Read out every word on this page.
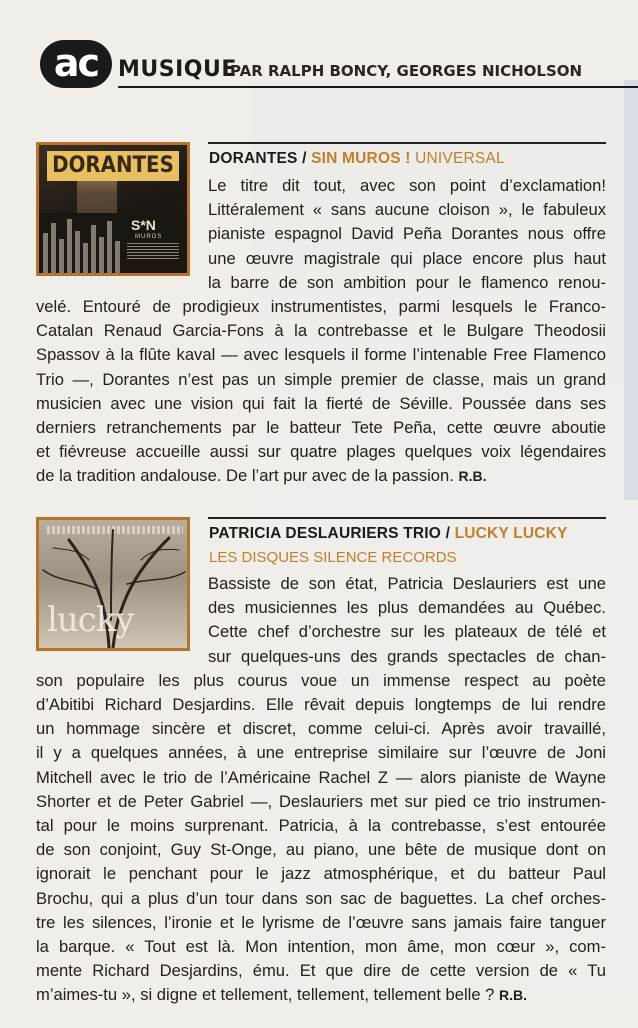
ac MUSIQUE
PAR RALPH BONCY, GEORGES NICHOLSON
DORANTES
S*N
MUROS
DORANTES / SIN MUROS ! UNIVERSAL
Le titre dit tout, avec son point d’exclamation!
Littéralement « sans aucune cloison », le fabuleux
pianiste espagnol David Peña Dorantes nous offre
une œuvre magistrale qui place encore plus haut
la barre de son ambition pour le flamenco renou-
velé. Entouré de prodigieux instrumentistes, parmi lesquels le Franco-
Catalan Renaud Garcia-Fons à la contrebasse et le Bulgare Theodosii
Spassov à la flûte kaval — avec lesquels il forme l’intenable Free Flamenco
Trio —, Dorantes n’est pas un simple premier de classe, mais un grand
musicien avec une vision qui fait la fierté de Séville. Poussée dans ses
derniers retranchements par le batteur Tete Peña, cette œuvre aboutie
et fiévreuse accueille aussi sur quatre plages quelques voix légendaires
de la tradition andalouse. De l’art pur avec de la passion. R.B.
lucky
PATRICIA DESLAURIERS TRIO / LUCKY LUCKY
LES DISQUES SILENCE RECORDS
Bassiste de son état, Patricia Deslauriers est une
des musiciennes les plus demandées au Québec.
Cette chef d’orchestre sur les plateaux de télé et
sur quelques-uns des grands spectacles de chan-
son populaire les plus courus voue un immense respect au poète
d’Abitibi Richard Desjardins. Elle rêvait depuis longtemps de lui rendre
un hommage sincère et discret, comme celui-ci. Après avoir travaillé,
il y a quelques années, à une entreprise similaire sur l’œuvre de Joni
Mitchell avec le trio de l’Américaine Rachel Z — alors pianiste de Wayne
Shorter et de Peter Gabriel —, Deslauriers met sur pied ce trio instrumen-
tal pour le moins surprenant. Patricia, à la contrebasse, s’est entourée
de son conjoint, Guy St-Onge, au piano, une bête de musique dont on
ignorait le penchant pour le jazz atmosphérique, et du batteur Paul
Brochu, qui a plus d’un tour dans son sac de baguettes. La chef orches-
tre les silences, l’ironie et le lyrisme de l’œuvre sans jamais faire tanguer
la barque. « Tout est là. Mon intention, mon âme, mon cœur », com-
mente Richard Desjardins, ému. Et que dire de cette version de « Tu
m’aimes-tu », si digne et tellement, tellement, tellement belle ? R.B.
